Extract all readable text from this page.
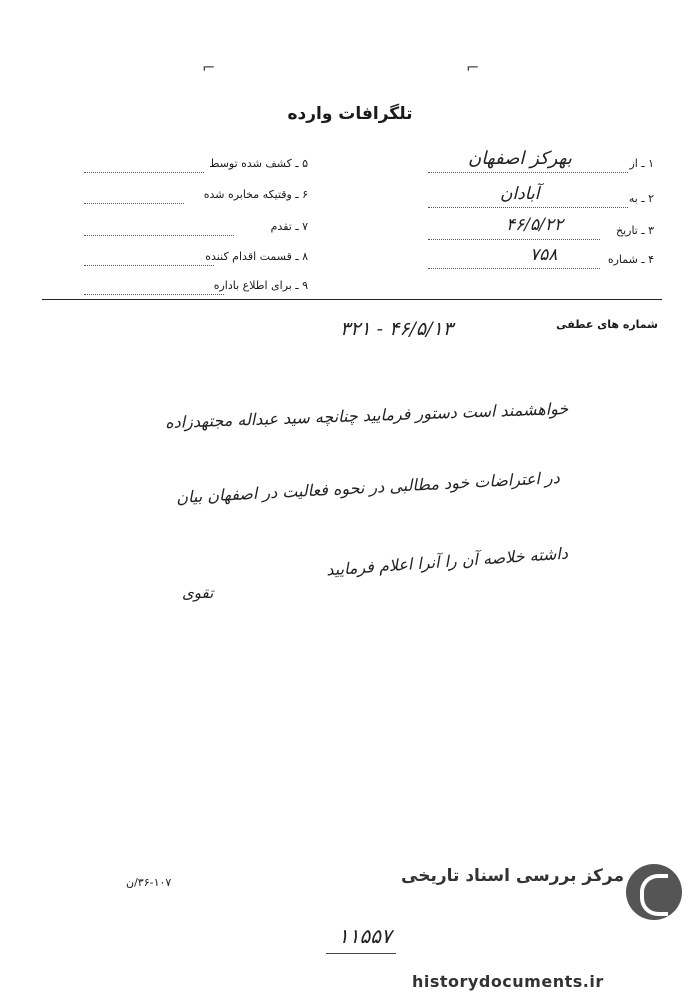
⌐	⌐
تلگرافات وارده
۱ ـ از
بهرکز اصفهان
۲ ـ به
آبادان
۳ ـ تاریخ
۴۶/۵/۲۲
۴ ـ شماره
۷۵۸
۵ ـ کشف شده توسط
۶ ـ وقتیکه مخابره شده
۷ ـ تقدم
۸ ـ قسمت اقدام کننده
۹ ـ برای اطلاع باداره
شماره های عطفی
۳۲۱ - ۴۶/۵/۱۳
خواهشمند است دستور فرمایید چنانچه سید عبداله مجتهدزاده
در اعتراضات خود مطالبی در نحوه فعالیت در اصفهان بیان
داشته خلاصه آن را آنرا اعلام فرمایید
تقوی
۳۶-۱۰۷/ن
۱۱۵۵۷
مرکز بررسی اسناد تاریخی
historydocuments.ir
